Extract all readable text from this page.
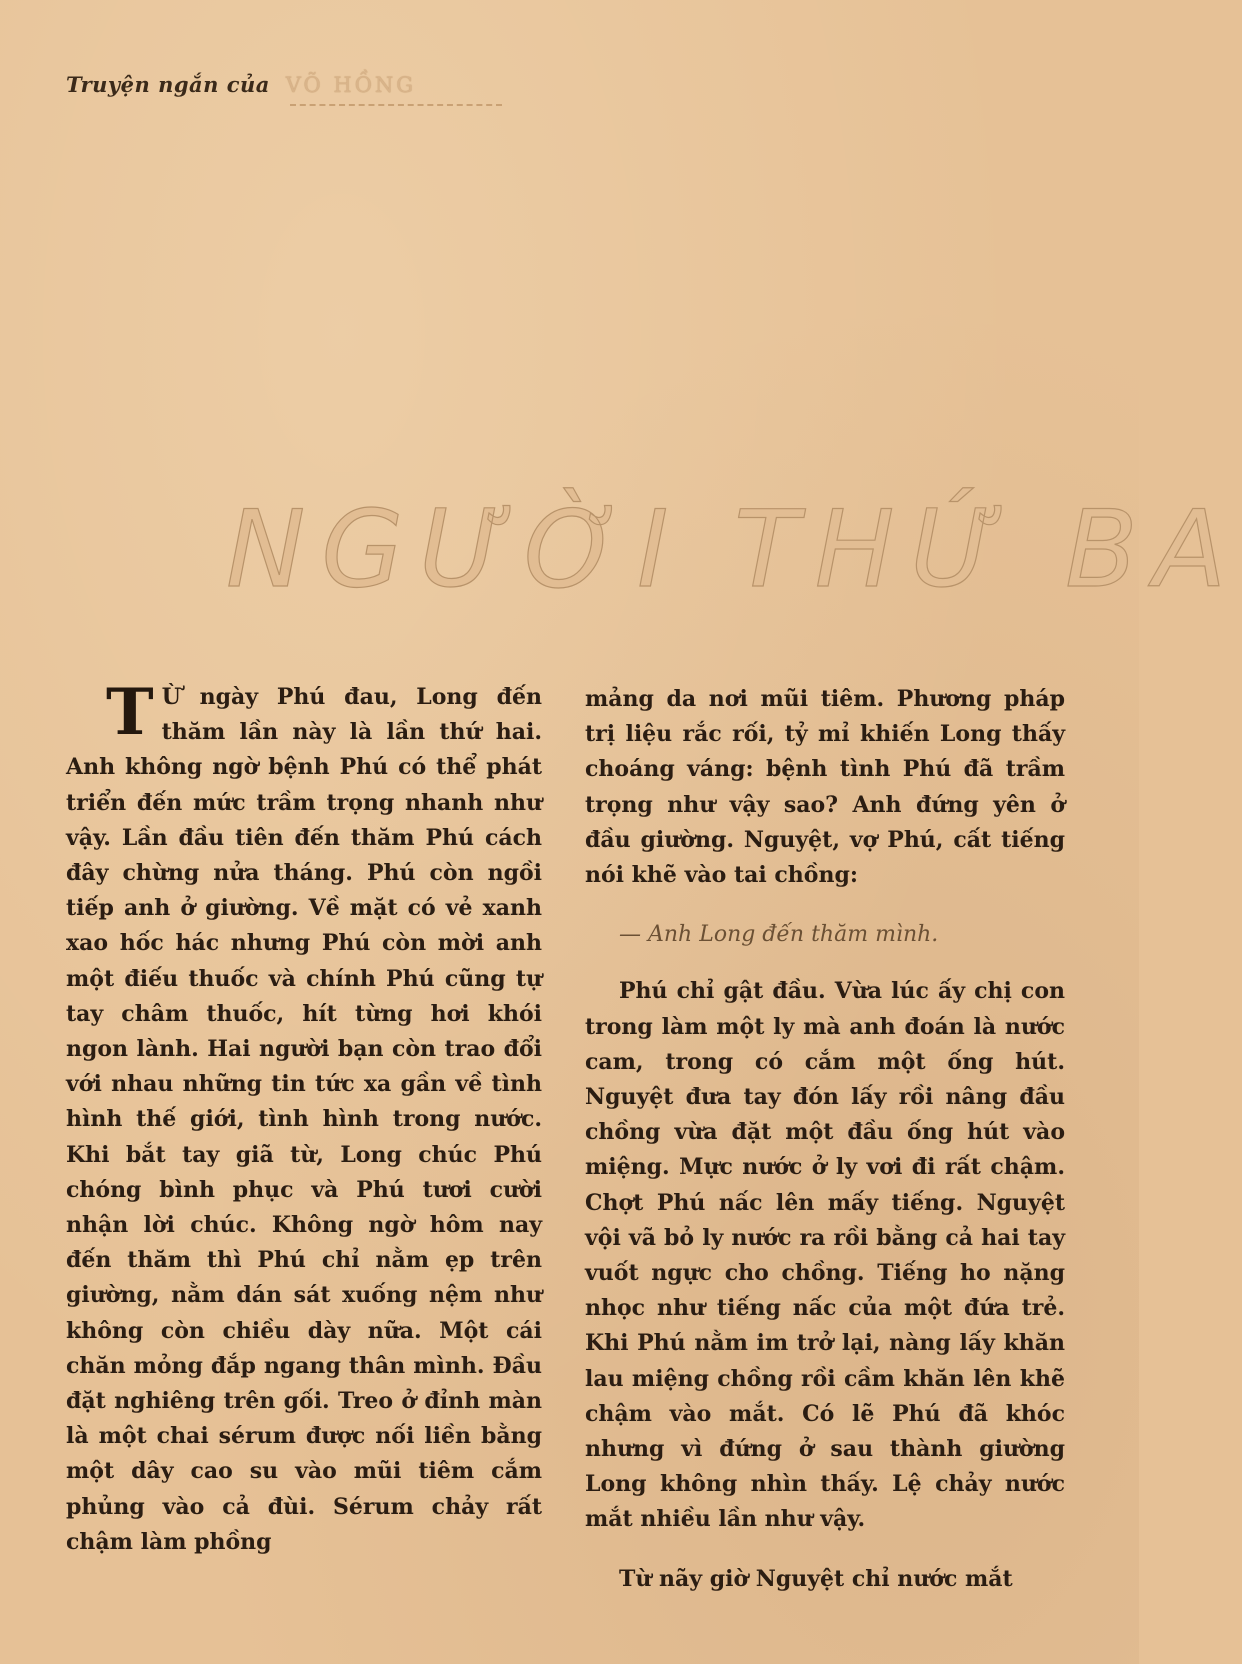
Truyện ngắn của VÕ HỒNG
NGƯỜI THỨ BA

T Ừ ngày Phú đau, Long đến thăm lần này là lần thứ hai. Anh không ngờ bệnh Phú có thể phát triển đến mức trầm trọng nhanh như vậy. Lần đầu tiên đến thăm Phú cách đây chừng nửa tháng. Phú còn ngồi tiếp anh ở giường. Về mặt có vẻ xanh xao hốc hác nhưng Phú còn mời anh một điếu thuốc và chính Phú cũng tự tay châm thuốc, hít từng hơi khói ngon lành. Hai người bạn còn trao đổi với nhau những tin tức xa gần về tình hình thế giới, tình hình trong nước. Khi bắt tay giã từ, Long chúc Phú chóng bình phục và Phú tươi cười nhận lời chúc. Không ngờ hôm nay đến thăm thì Phú chỉ nằm ẹp trên giường, nằm dán sát xuống nệm như không còn chiều dày nữa. Một cái chăn mỏng đắp ngang thân mình. Đầu đặt nghiêng trên gối. Treo ở đỉnh màn là một chai sérum được nối liền bằng một dây cao su vào mũi tiêm cắm phủng vào cả đùi. Sérum chảy rất chậm làm phồng

mảng da nơi mũi tiêm. Phương pháp trị liệu rắc rối, tỷ mỉ khiến Long thấy choáng váng: bệnh tình Phú đã trầm trọng như vậy sao? Anh đứng yên ở đầu giường. Nguyệt, vợ Phú, cất tiếng nói khẽ vào tai chồng:

— Anh Long đến thăm mình.

Phú chỉ gật đầu. Vừa lúc ấy chị con trong làm một ly mà anh đoán là nước cam, trong có cắm một ống hút. Nguyệt đưa tay đón lấy rồi nâng đầu chồng vừa đặt một đầu ống hút vào miệng. Mực nước ở ly vơi đi rất chậm. Chợt Phú nấc lên mấy tiếng. Nguyệt vội vã bỏ ly nước ra rồi bằng cả hai tay vuốt ngực cho chồng. Tiếng ho nặng nhọc như tiếng nấc của một đứa trẻ. Khi Phú nằm im trở lại, nàng lấy khăn lau miệng chồng rồi cầm khăn lên khẽ chậm vào mắt. Có lẽ Phú đã khóc nhưng vì đứng ở sau thành giường Long không nhìn thấy. Lệ chảy nước mắt nhiều lần như vậy.

Từ nãy giờ Nguyệt chỉ nước mắt
